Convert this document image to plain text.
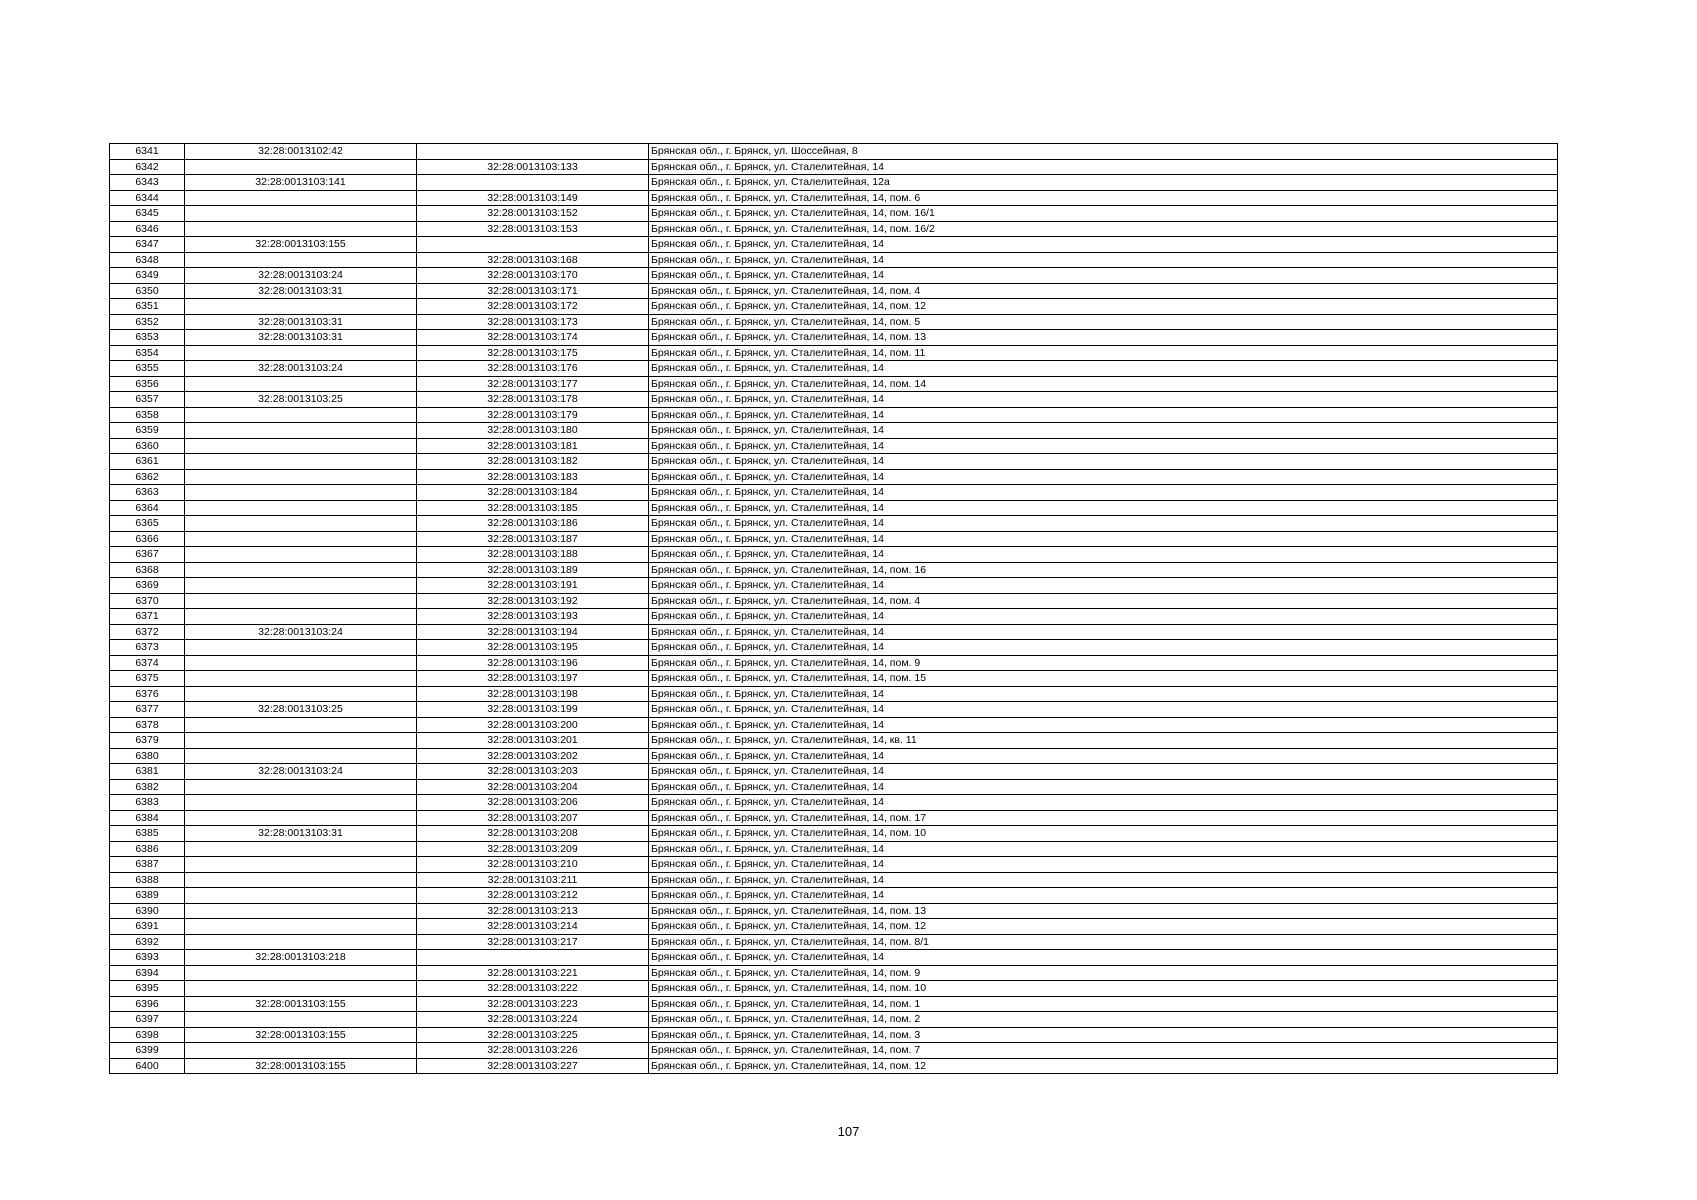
6341	32:28:0013102:42		Брянская обл., г. Брянск, ул. Шоссейная, 8
6342		32:28:0013103:133	Брянская обл., г. Брянск, ул. Сталелитейная, 14
6343	32:28:0013103:141		Брянская обл., г. Брянск, ул. Сталелитейная, 12а
6344		32:28:0013103:149	Брянская обл., г. Брянск, ул. Сталелитейная, 14, пом. 6
6345		32:28:0013103:152	Брянская обл., г. Брянск, ул. Сталелитейная, 14, пом. 16/1
6346		32:28:0013103:153	Брянская обл., г. Брянск, ул. Сталелитейная, 14, пом. 16/2
6347	32:28:0013103:155		Брянская обл., г. Брянск, ул. Сталелитейная, 14
6348		32:28:0013103:168	Брянская обл., г. Брянск, ул. Сталелитейная, 14
6349	32:28:0013103:24	32:28:0013103:170	Брянская обл., г. Брянск, ул. Сталелитейная, 14
6350	32:28:0013103:31	32:28:0013103:171	Брянская обл., г. Брянск, ул. Сталелитейная, 14, пом. 4
6351		32:28:0013103:172	Брянская обл., г. Брянск, ул. Сталелитейная, 14, пом. 12
6352	32:28:0013103:31	32:28:0013103:173	Брянская обл., г. Брянск, ул. Сталелитейная, 14, пом. 5
6353	32:28:0013103:31	32:28:0013103:174	Брянская обл., г. Брянск, ул. Сталелитейная, 14, пом. 13
6354		32:28:0013103:175	Брянская обл., г. Брянск, ул. Сталелитейная, 14, пом. 11
6355	32:28:0013103:24	32:28:0013103:176	Брянская обл., г. Брянск, ул. Сталелитейная, 14
6356		32:28:0013103:177	Брянская обл., г. Брянск, ул. Сталелитейная, 14, пом. 14
6357	32:28:0013103:25	32:28:0013103:178	Брянская обл., г. Брянск, ул. Сталелитейная, 14
6358		32:28:0013103:179	Брянская обл., г. Брянск, ул. Сталелитейная, 14
6359		32:28:0013103:180	Брянская обл., г. Брянск, ул. Сталелитейная, 14
6360		32:28:0013103:181	Брянская обл., г. Брянск, ул. Сталелитейная, 14
6361		32:28:0013103:182	Брянская обл., г. Брянск, ул. Сталелитейная, 14
6362		32:28:0013103:183	Брянская обл., г. Брянск, ул. Сталелитейная, 14
6363		32:28:0013103:184	Брянская обл., г. Брянск, ул. Сталелитейная, 14
6364		32:28:0013103:185	Брянская обл., г. Брянск, ул. Сталелитейная, 14
6365		32:28:0013103:186	Брянская обл., г. Брянск, ул. Сталелитейная, 14
6366		32:28:0013103:187	Брянская обл., г. Брянск, ул. Сталелитейная, 14
6367		32:28:0013103:188	Брянская обл., г. Брянск, ул. Сталелитейная, 14
6368		32:28:0013103:189	Брянская обл., г. Брянск, ул. Сталелитейная, 14, пом. 16
6369		32:28:0013103:191	Брянская обл., г. Брянск, ул. Сталелитейная, 14
6370		32:28:0013103:192	Брянская обл., г. Брянск, ул. Сталелитейная, 14, пом. 4
6371		32:28:0013103:193	Брянская обл., г. Брянск, ул. Сталелитейная, 14
6372	32:28:0013103:24	32:28:0013103:194	Брянская обл., г. Брянск, ул. Сталелитейная, 14
6373		32:28:0013103:195	Брянская обл., г. Брянск, ул. Сталелитейная, 14
6374		32:28:0013103:196	Брянская обл., г. Брянск, ул. Сталелитейная, 14, пом. 9
6375		32:28:0013103:197	Брянская обл., г. Брянск, ул. Сталелитейная, 14, пом. 15
6376		32:28:0013103:198	Брянская обл., г. Брянск, ул. Сталелитейная, 14
6377	32:28:0013103:25	32:28:0013103:199	Брянская обл., г. Брянск, ул. Сталелитейная, 14
6378		32:28:0013103:200	Брянская обл., г. Брянск, ул. Сталелитейная, 14
6379		32:28:0013103:201	Брянская обл., г. Брянск, ул. Сталелитейная, 14, кв. 11
6380		32:28:0013103:202	Брянская обл., г. Брянск, ул. Сталелитейная, 14
6381	32:28:0013103:24	32:28:0013103:203	Брянская обл., г. Брянск, ул. Сталелитейная, 14
6382		32:28:0013103:204	Брянская обл., г. Брянск, ул. Сталелитейная, 14
6383		32:28:0013103:206	Брянская обл., г. Брянск, ул. Сталелитейная, 14
6384		32:28:0013103:207	Брянская обл., г. Брянск, ул. Сталелитейная, 14, пом. 17
6385	32:28:0013103:31	32:28:0013103:208	Брянская обл., г. Брянск, ул. Сталелитейная, 14, пом. 10
6386		32:28:0013103:209	Брянская обл., г. Брянск, ул. Сталелитейная, 14
6387		32:28:0013103:210	Брянская обл., г. Брянск, ул. Сталелитейная, 14
6388		32:28:0013103:211	Брянская обл., г. Брянск, ул. Сталелитейная, 14
6389		32:28:0013103:212	Брянская обл., г. Брянск, ул. Сталелитейная, 14
6390		32:28:0013103:213	Брянская обл., г. Брянск, ул. Сталелитейная, 14, пом. 13
6391		32:28:0013103:214	Брянская обл., г. Брянск, ул. Сталелитейная, 14, пом. 12
6392		32:28:0013103:217	Брянская обл., г. Брянск, ул. Сталелитейная, 14, пом. 8/1
6393	32:28:0013103:218		Брянская обл., г. Брянск, ул. Сталелитейная, 14
6394		32:28:0013103:221	Брянская обл., г. Брянск, ул. Сталелитейная, 14, пом. 9
6395		32:28:0013103:222	Брянская обл., г. Брянск, ул. Сталелитейная, 14, пом. 10
6396	32:28:0013103:155	32:28:0013103:223	Брянская обл., г. Брянск, ул. Сталелитейная, 14, пом. 1
6397		32:28:0013103:224	Брянская обл., г. Брянск, ул. Сталелитейная, 14, пом. 2
6398	32:28:0013103:155	32:28:0013103:225	Брянская обл., г. Брянск, ул. Сталелитейная, 14, пом. 3
6399		32:28:0013103:226	Брянская обл., г. Брянск, ул. Сталелитейная, 14, пом. 7
6400	32:28:0013103:155	32:28:0013103:227	Брянская обл., г. Брянск, ул. Сталелитейная, 14, пом. 12
107
